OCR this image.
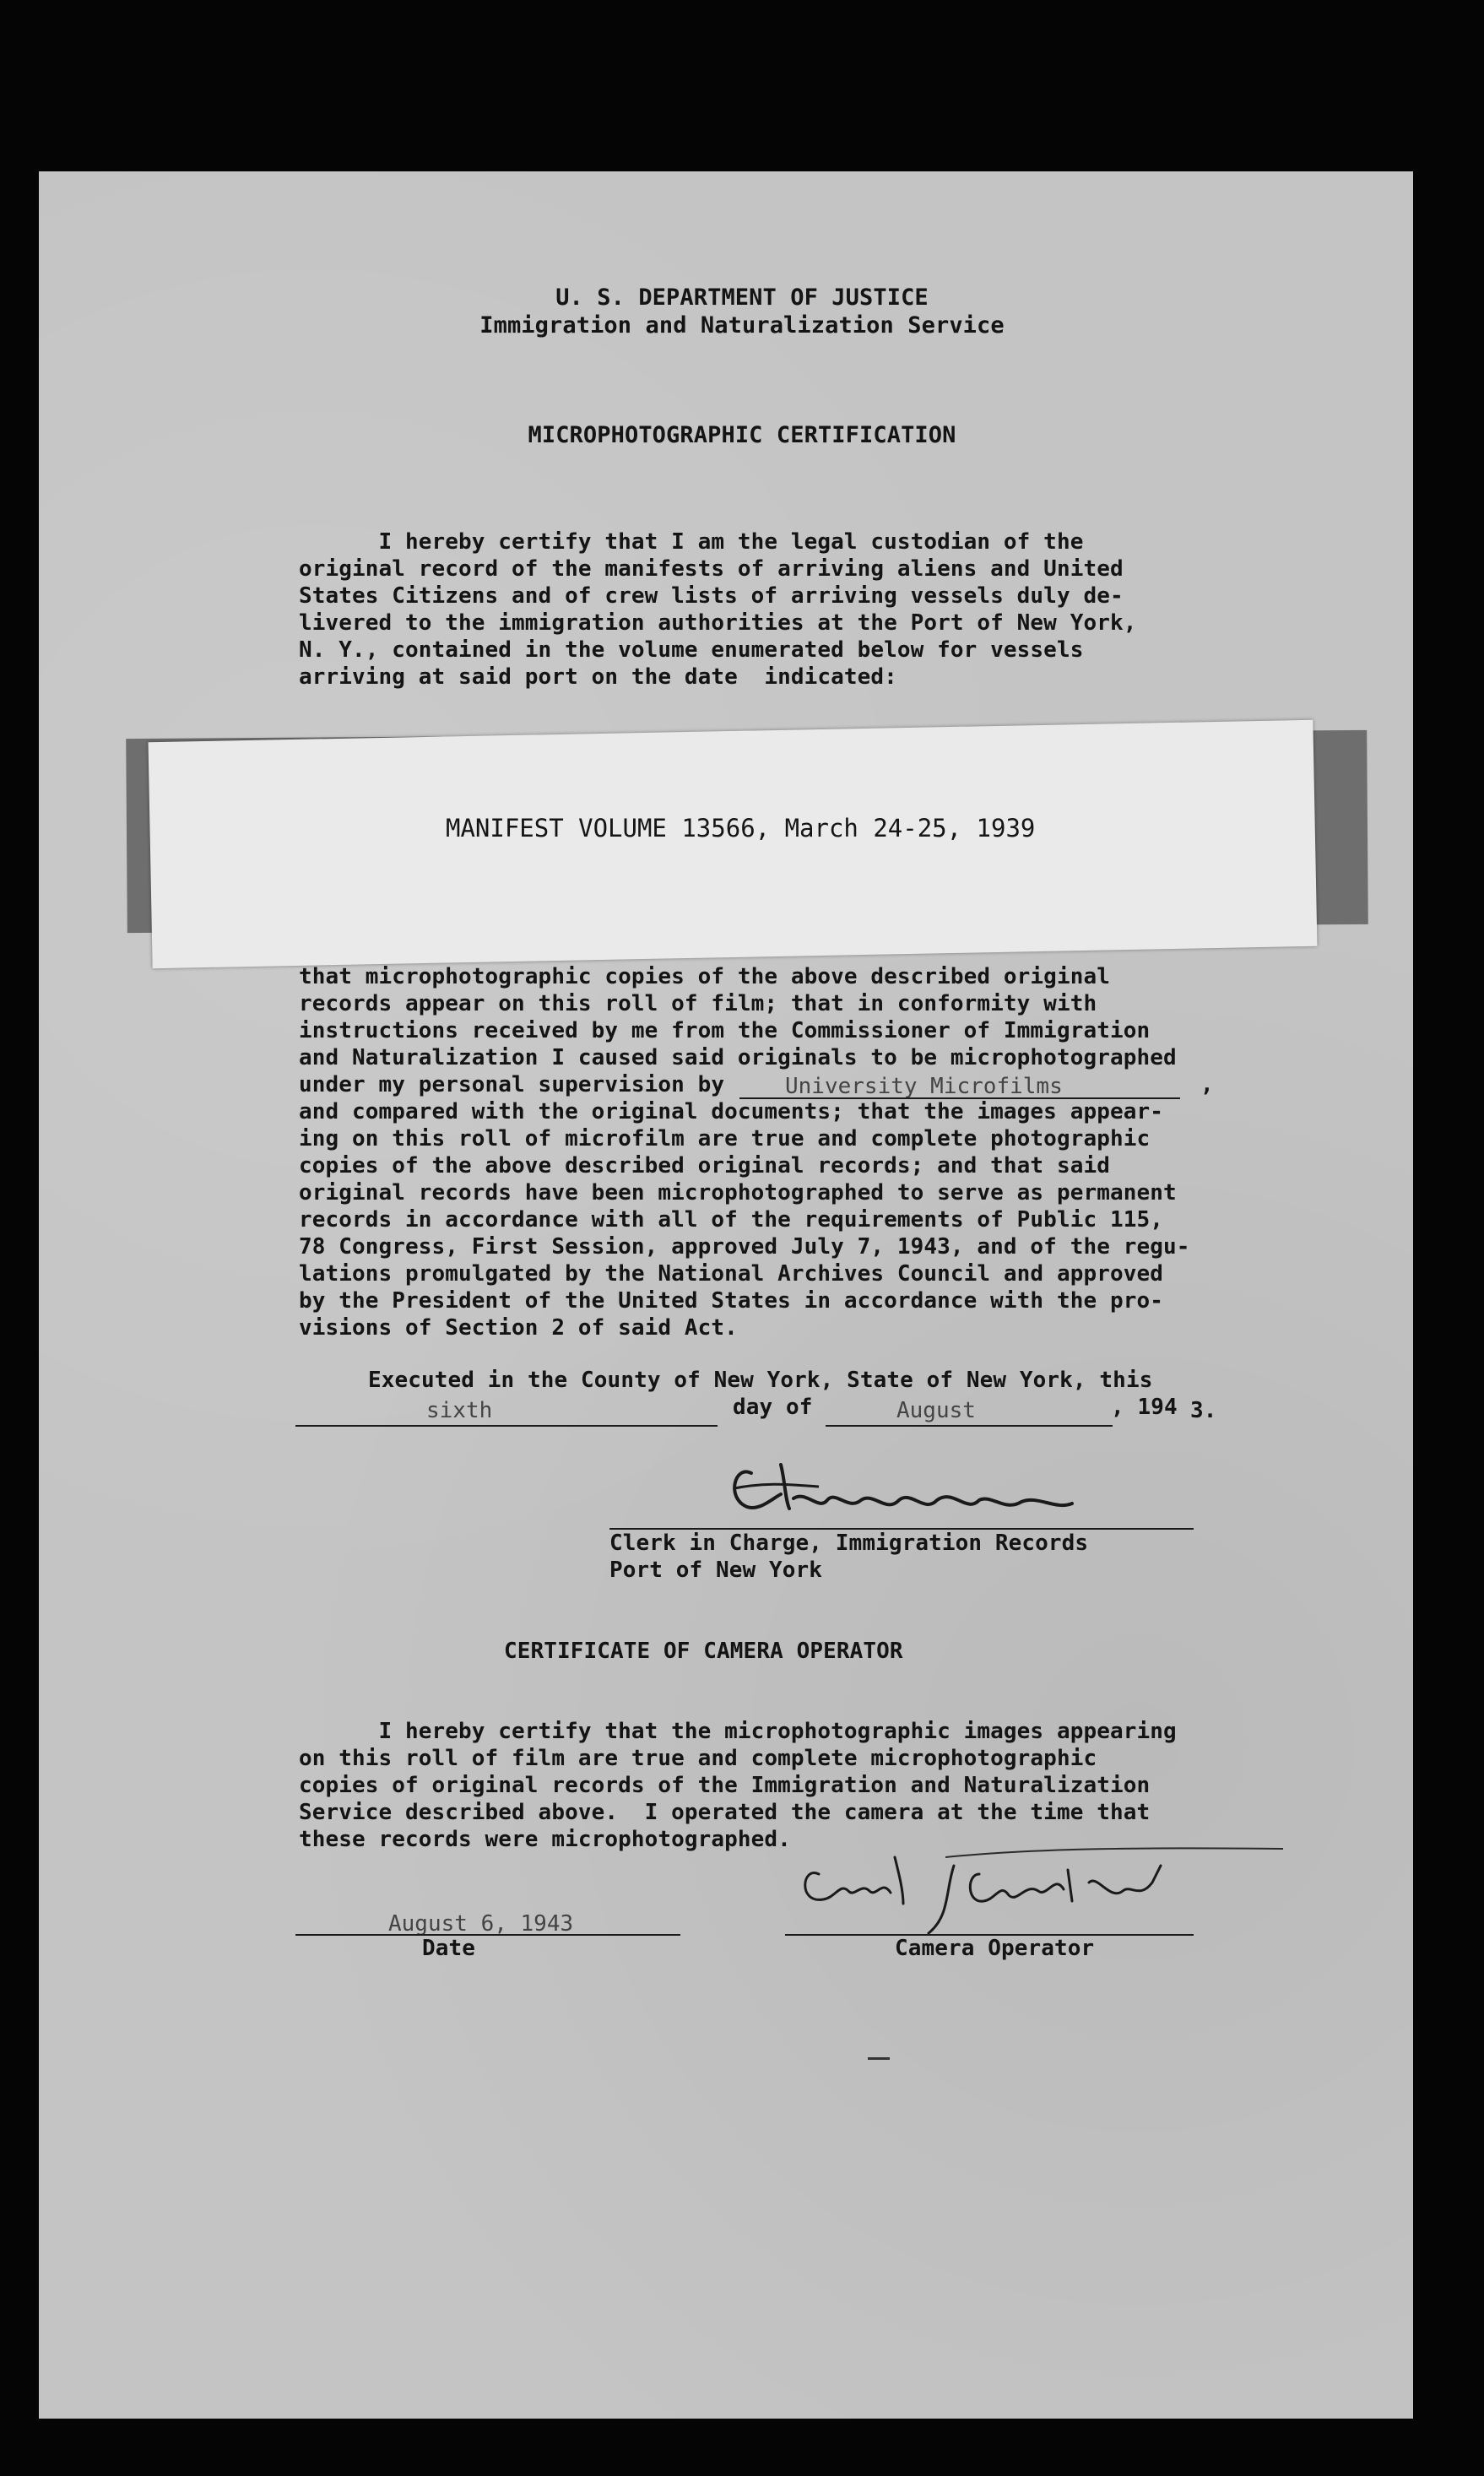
U. S. DEPARTMENT OF JUSTICE
Immigration and Naturalization Service
MICROPHOTOGRAPHIC CERTIFICATION
I hereby certify that I am the legal custodian of the
original record of the manifests of arriving aliens and United
States Citizens and of crew lists of arriving vessels duly de-
livered to the immigration authorities at the Port of New York,
N. Y., contained in the volume enumerated below for vessels
arriving at said port on the date  indicated:
MANIFEST VOLUME 13566, March 24-25, 1939
that microphotographic copies of the above described original
records appear on this roll of film; that in conformity with
instructions received by me from the Commissioner of Immigration
and Naturalization I caused said originals to be microphotographed
under my personal supervision by	University Microfilms	,
and compared with the original documents; that the images appear-
ing on this roll of microfilm are true and complete photographic
copies of the above described original records; and that said
original records have been microphotographed to serve as permanent
records in accordance with all of the requirements of Public 115,
78 Congress, First Session, approved July 7, 1943, and of the regu-
lations promulgated by the National Archives Council and approved
by the President of the United States in accordance with the pro-
visions of Section 2 of said Act.
Executed in the County of New York, State of New York, this
sixth	day of	August	, 194 3.
Clerk in Charge, Immigration Records
Port of New York
CERTIFICATE OF CAMERA OPERATOR
I hereby certify that the microphotographic images appearing
on this roll of film are true and complete microphotographic
copies of original records of the Immigration and Naturalization
Service described above.  I operated the camera at the time that
these records were microphotographed.
August 6, 1943
Date	Camera Operator
